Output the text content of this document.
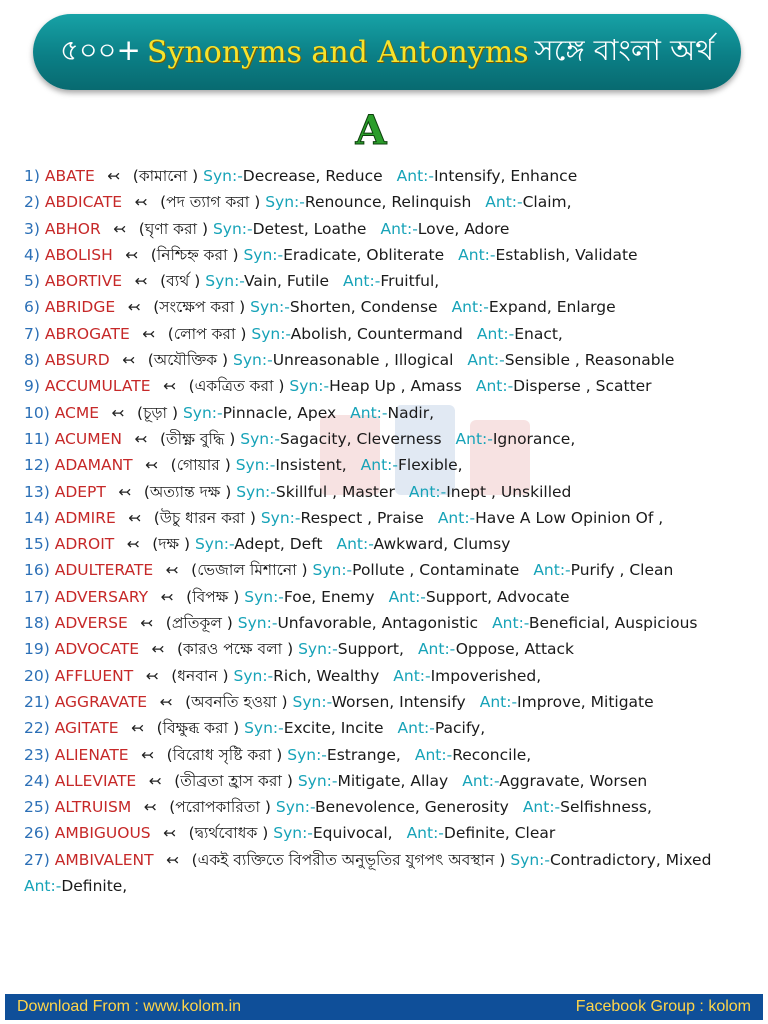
৫০০+ Synonyms and Antonyms সঙ্গে বাংলা অর্থ
A
1) ABATE ↢ (কামানো ) Syn:-Decrease, Reduce Ant:-Intensify, Enhance
2) ABDICATE ↢ (পদ ত্যাগ করা ) Syn:-Renounce, Relinquish Ant:-Claim,
3) ABHOR ↢ (ঘৃণা করা ) Syn:-Detest, Loathe Ant:-Love, Adore
4) ABOLISH ↢ (নিশ্চিহ্ন করা ) Syn:-Eradicate, Obliterate Ant:-Establish, Validate
5) ABORTIVE ↢ (ব্যর্থ ) Syn:-Vain, Futile Ant:-Fruitful,
6) ABRIDGE ↢ (সংক্ষেপ করা ) Syn:-Shorten, Condense Ant:-Expand, Enlarge
7) ABROGATE ↢ (লোপ করা ) Syn:-Abolish, Countermand Ant:-Enact,
8) ABSURD ↢ (অযৌক্তিক ) Syn:-Unreasonable , Illogical Ant:-Sensible , Reasonable
9) ACCUMULATE ↢ (একত্রিত করা ) Syn:-Heap Up , Amass Ant:-Disperse , Scatter
10) ACME ↢ (চূড়া ) Syn:-Pinnacle, Apex Ant:-Nadir,
11) ACUMEN ↢ (তীক্ষ্ণ বুদ্ধি ) Syn:-Sagacity, Cleverness Ant:-Ignorance,
12) ADAMANT ↢ (গোয়ার ) Syn:-Insistent, Ant:-Flexible,
13) ADEPT ↢ (অত্যান্ত দক্ষ ) Syn:-Skillful , Master Ant:-Inept , Unskilled
14) ADMIRE ↢ (উচু ধারন করা ) Syn:-Respect , Praise Ant:-Have A Low Opinion Of ,
15) ADROIT ↢ (দক্ষ ) Syn:-Adept, Deft Ant:-Awkward, Clumsy
16) ADULTERATE ↢ (ভেজাল মিশানো ) Syn:-Pollute , Contaminate Ant:-Purify , Clean
17) ADVERSARY ↢ (বিপক্ষ ) Syn:-Foe, Enemy Ant:-Support, Advocate
18) ADVERSE ↢ (প্রতিকূল ) Syn:-Unfavorable, Antagonistic Ant:-Beneficial, Auspicious
19) ADVOCATE ↢ (কারও পক্ষে বলা ) Syn:-Support, Ant:-Oppose, Attack
20) AFFLUENT ↢ (ধনবান ) Syn:-Rich, Wealthy Ant:-Impoverished,
21) AGGRAVATE ↢ (অবনতি হওয়া ) Syn:-Worsen, Intensify Ant:-Improve, Mitigate
22) AGITATE ↢ (বিক্ষুব্ধ করা ) Syn:-Excite, Incite Ant:-Pacify,
23) ALIENATE ↢ (বিরোধ সৃষ্টি করা ) Syn:-Estrange, Ant:-Reconcile,
24) ALLEVIATE ↢ (তীব্রতা হ্রাস করা ) Syn:-Mitigate, Allay Ant:-Aggravate, Worsen
25) ALTRUISM ↢ (পরোপকারিতা ) Syn:-Benevolence, Generosity Ant:-Selfishness,
26) AMBIGUOUS ↢ (দ্ব্যর্থবোধক ) Syn:-Equivocal, Ant:-Definite, Clear
27) AMBIVALENT ↢ (একই ব্যক্তিতে বিপরীত অনুভূতির যুগপৎ অবস্থান ) Syn:-Contradictory, MixedAnt:-Definite,
Download From : www.kolom.in	Facebook Group : kolom
